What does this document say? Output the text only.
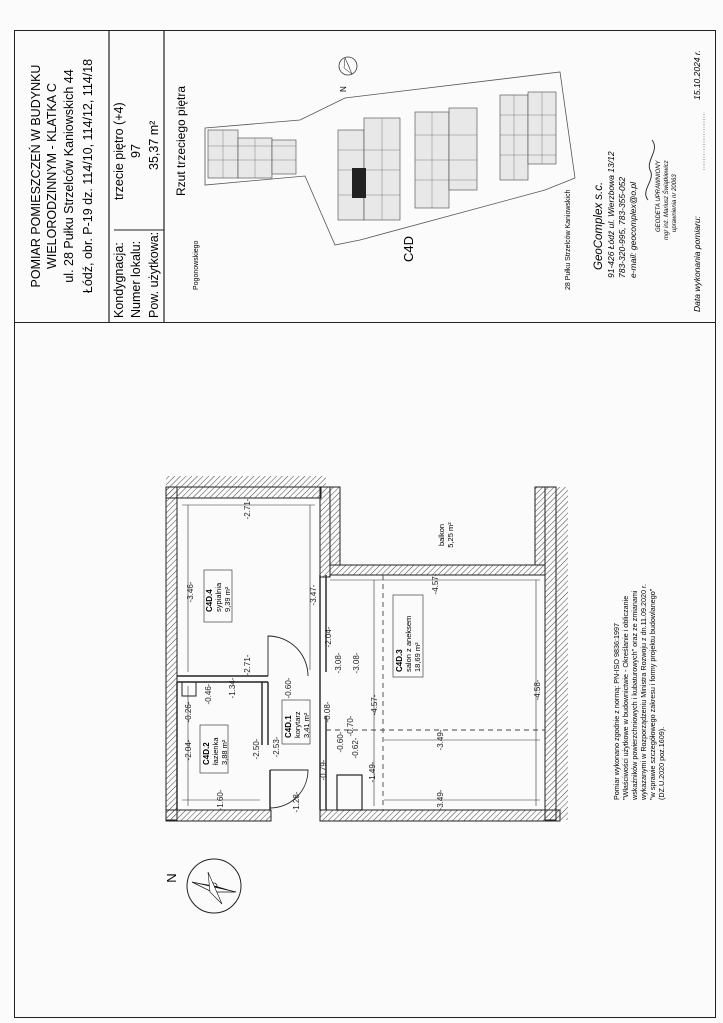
POMIAR POMIESZCZEŃ W BUDYNKU WIELORODZINNYM - KLATKA C ul. 28 Pułku Strzelców Kaniowskich 44 Łódź, obr. P-19 dz. 114/10, 114/12, 114/18 Kondygnacja:
trzecie piętro (+4)
Numer lokalu:
97
Pow. użytkowa:
35,37 m² Rzut trzeciego piętra
Pogonowskiego	28 Pułku Strzelców Kaniowskich
C4D
N
GeoComplex s.c. 91-426 Łódź ul. Wierzbowa 13/12 783-320-995, 783-355-052 e-mail: geocomplex@o.pl	GEODETA UPRAWNIONY mgr inż. Mariusz Świątkiewicz uprawnienia nr 20063
Data wykonania pomiaru:
15.10.2024 r.
Pomiar wykonano zgodnie z normą: PN-ISO 9836:1997 "Właściwości użytkowe w budownictwie - Określanie i obliczanie wskaźników powierzchniowych i kubaturowych" oraz ze zmianami wykazanymi w Rozporządzeniu Ministra Rozwoju z dn.11.09.2020 r. "w sprawie szczegółowego zakresu i formy projektu budowlanego" (DZ.U.2020 poz.1609).
C4D.4 sypialnia 9,39 m²
C4D.2 łazienka 3,88 m²
C4D.1 korytarz 3,41 m²
C4D.3 salon z aneksem 18,69 m²
balkon 5,25 m²
-2.71-
-3.46-	-3.47-
-2.71-
-1.34-
-0.46-
-0.26-
-1.60-
-2.04-	-2.50- -2.53-
-0.60-
-1.28-
-0.79-
-0.60- -0.62-
-0.70-
-0.08-
-3.08- -3.08-
-4.57-
-4.57-
-2.04-
-1.49-
-3.49-
-3.49-
-4.58-
N
